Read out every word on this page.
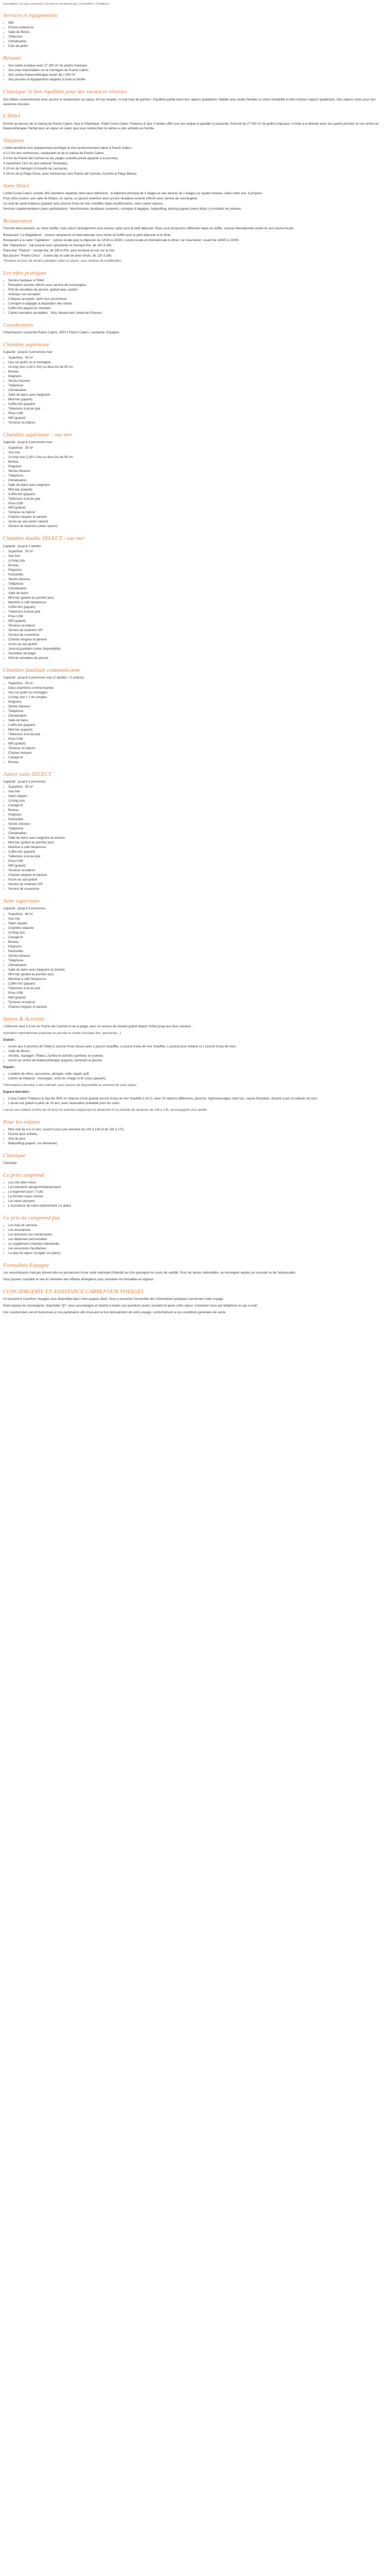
Description | Ce prix comprend | Ce prix ne comprend pas | Formalités | Conditions
Services et équipements
• Wifi
• Piscine extérieure
• Salle de fitness
• Télévision
• Climatisation
• Coin de jardin
Résumé
• Son cadre exotique avec 27 000 m² de jardins tropicaux
• Ses vues imprenables sur la montagne de Puerto Calero
• Son centre thalassothérapie ouvert de 2 500 m²
• Ses piscines et équipements adaptés à toute la famille
Classique, le bon équilibre pour des vacances réussies

Des hôtels conventionnels avec piscine et restauration sur place. Ni trop simples, ni trop haut de gamme ! Equilibre parfait entre leur rapport qualité/prix, fiabilité avec toutes familles ou entre rentabilité et bien d'autres rapport qualité/prix. Des valeurs sûres pour des vacances réussies.

L'Hôtel

Perché au-dessus de la marina de Puerto Calero, face à l'Atlantique, l'hôtel Costa Calero Thalasso & Spa, 4 étoiles offre une vue unique et paisible à Lanzarote. Entouré de 27 000 m² de jardins tropicaux, il invite à la détente avec ses quatre piscines et son centre de thalassothérapie. Parfait pour un séjour en soleil, que vous recherchiez le calme ou des activités en famille.

Situation

L'hôtel bénéficie d'un emplacement privilégié et d'un environnement calme à Puerto Calero :

A 1.5 km des commerces, restaurants et de la marina de Puerto Calero,

A 5 km de Puerto del Carmen et ses plages (navette privée payante à la journée),

A seulement 3 km du port national Timanfaya,

A 15 km de l'aéroport d'Arrecife de Lanzarote,

A 18 km de la Playa Chica, avec commerces vers Puerto del Carmen, Arrecife et Playa Blanca.

Votre Hôtel

L'hôtel Costa Calero compte 395 chambres réparties dans deux bâtiments : le bâtiment principal de 3 étages et une annexe de 2 étages sur quatre niveaux, reliés entre eux. Il propose :

Pour votre confort, une salle de fitness, un sauna, un jacuzzi extérieur ainsi qu'une réception ouverte 24h/24 avec service de conciergerie.

Un club de santé thalasso (payant) avec piscine d'eau de mer chauffée, bains bouillonnants, soins (selon saison),

Services supplémentaires (avec participation) : blanchisserie, boutiques souvenirs, consigne à bagages, babysitting, parking payant (selon dispo.) et location de voitures.

Restauration

Formule demi-pension, au choix (buffet, mais selon l'arrangement vous pouvez opter pour le petit déjeuner. Nous vous proposons différents repas en buffet, cuisine internationale variée et une cuisine locale.

Restaurant "La Magdalena" : cuisine canarienne et internationale sous forme de buffet pour le petit déjeuner et le dîner

Restaurant à la carte "Capitanes" : cuisine locale pour le déjeuner de 12h30 à 15h00, cuisine locale et internationale le dîner, sur réservation, ouvert de 18h00 à 22h00.

Bar "Habaneros" : bar-piscine avec spectacles et musique live, de 10h à 00h,

Piano-bar "Palacio" : lounge-bar, de 18h à 00h, avec terrasse et vue sur la mer,

Bar-piscine "Puerto Chico" : snacks bar et salle de jeux/ loisirs, de 12h à 18h.

*Horaires et jours de service variables selon la saison, sous réserve de modification.

Les infos pratiques
• Service boutique à l'hôtel
• Réception ouverte 24h/24 avec service de conciergerie
• Prêt de serviettes de piscine, gratuit avec caution
• Animaux non acceptés
• Chèques acceptés, tarifs hors promotions
• Consigne à bagages à disposition des clients
• Coffre-fort payant en chambre
• Cartes bancaires acceptées : Visa, Mastercard, American Express
Coordonnées

Urbanización Lanzarote Puerto Calero, 35571 Puerto Calero, Lanzarote, Espagne.

Chambre supérieure

Capacité : jusqu'à 3 personnes max

• Superficie : 35 m²
• Vue sur jardin ou la montagne
• Lit king size (1,80 x 2m) ou deux lits de 90 cm
• Bureau
• Peignoirs
• Sèche-cheveux
• Téléphone
• Climatisation
• Salle de bains avec baignoire
• Mini-bar (payant)
• Coffre-fort (payant)
• Télévision à écran plat
• Prise USB
• Wifi (gratuit)
• Terrasse ou balcon
Chambre supérieure - vue mer

Capacité : jusqu'à 3 personnes max

• Superficie : 35 m²
• Vue mer
• Lit king size (1,80 x 2m) ou deux lits de 90 cm
• Bureau
• Peignoirs
• Sèche-cheveux
• Téléphone
• Climatisation
• Salle de bains avec baignoire
• Mini-bar (payant)
• Coffre-fort (payant)
• Télévision à écran plat
• Prise USB
• Wifi (gratuit)
• Terrasse ou balcon
• Chaises longues et parasol
• Accès au spa (selon saison)
• Service de chambre (selon saison)
Chambre double SELECT - vue mer

Capacité : jusqu'à 2 adultes

• Superficie : 35 m²
• Vue mer
• Lit king size
• Bureau
• Peignoirs
• Pantoufles
• Sèche-cheveux
• Téléphone
• Climatisation
• Salle de bains
• Mini-bar (gratuit au premier jour)
• Machine à café Nespresso
• Coffre-fort (payant)
• Télévision à écran plat
• Prise USB
• Wifi (gratuit)
• Terrasse ou balcon
• Service de chambre VIP
• Service de couverture
• Chaises longues et parasol
• Accès au spa gratuit
• Journal quotidien (selon disponibilité)
• Serviettes de plage
• Prêt de serviettes de piscine
Chambre familiale communicante

Capacité : jusqu'à 5 personnes max (2 adultes + 3 enfants)

• Superficie : 50 m²
• Deux chambres communicantes
• Vue sur jardin ou montagne
• Lit king size + 2 lits simples
• Peignoirs
• Sèche-cheveux
• Téléphone
• Climatisation
• Salle de bains
• Coffre-fort (payant)
• Mini-bar (payant)
• Télévision à écran plat
• Prise USB
• Wifi (gratuit)
• Terrasse ou balcon
• Chaises longues
• Canapé-lit
• Bureau
Junior suite SELECT

Capacité : jusqu'à 3 personnes

• Superficie : 55 m²
• Vue mer
• Salon séparé
• Lit king size
• Canapé-lit
• Bureau
• Peignoirs
• Pantoufles
• Sèche-cheveux
• Téléphone
• Climatisation
• Salle de bains avec baignoire et douche
• Mini-bar (gratuit au premier jour)
• Machine à café Nespresso
• Coffre-fort (payant)
• Télévision à écran plat
• Prise USB
• Wifi (gratuit)
• Terrasse ou balcon
• Chaises longues et parasol
• Accès au spa gratuit
• Service de chambre VIP
• Service de couverture
Suite supérieure

Capacité : jusqu'à 4 personnes

• Superficie : 60 m²
• Vue mer
• Salon séparé
• Chambre séparée
• Lit king size
• Canapé-lit
• Bureau
• Peignoirs
• Pantoufles
• Sèche-cheveux
• Téléphone
• Climatisation
• Salle de bains avec baignoire et douche
• Mini-bar (gratuit au premier jour)
• Machine à café Nespresso
• Coffre-fort (payant)
• Télévision à écran plat
• Prise USB
• Wifi (gratuit)
• Terrasse ou balcon
• Chaises longues et parasol
Sports & Activités

L'hôtel est situé à 5 km de Puerto del Carmen et de la plage, avec un service de navette gratuit depuis l'hôtel jusqu'aux lieux suivants :

Animation internationale proposée en journée et soirée (musique live, spectacles...)

Gratuit :

• Accès aux 4 piscines de l'hôtel (1 piscine d'eau douce avec 1 jacuzzi chauffée, 1 piscine d'eau de mer chauffée, 1 piscine pour enfants et 1 piscine d'eau de mer),
• Salle de fitness
• Aérobic, Aquagym, Pilates, Zumba et activités sportives en journée,
• Accès au centre de thalassothérapie (payant), hammam et piscine.

Payant :

• Location de vélos, excursions, plongée, voile, kayak, golf,
• Centre de thalasso : massages, soins du visage et du corps (payant).

*Informations données à titre indicatif, sous réserve de disponibilité au moment de votre séjour.

Espace bien-être :

• Costa Calero Thalasso & Spa de 2500 m² dispose d'une grande piscine d'eau de mer chauffée à 32°C, avec 30 stations différentes, jacuzzis, hydromassages, bain turc, sauna finlandais, douche à jets et cabines de soin,
• L'accès est gratuit à partir de 16 ans, avec réservation préalable pour les soins.

L'accès aux enfants (moins de 16 ans) est autorisé uniquement le dimanche et en période de vacances de 10h à 13h, accompagnés d'un adulte.

Pour les enfants
• Mini club de 4 à 12 ans, ouvert 6 jours par semaine de 10h à 13h et de 15h à 17h,
• Piscine pour enfants,
• Aire de jeux,
• Babysitting (payant, sur demande).
Classique

Classique

Ce prix comprend
• Les vols aller-retour
• Les transferts aéroport/hôtel/aéroport
• Le logement pour 7 nuits
• La formule repas choisie
• Les taxes aéroport
• L'assistance de notre représentant sur place
Ce prix ne comprend pas
• Les frais de services
• Les assurances
• Les boissons non mentionnées
• Les dépenses personnelles
• Le supplément chambre individuelle
• Les excursions facultatives
• La taxe de séjour (à régler sur place)
Formalités Espagne

Les ressortissants français doivent être en possession d'une carte nationale d'identité ou d'un passeport en cours de validité. Pour les autres nationalités, se renseigner auprès du consulat ou de l'ambassade.

Vous pouvez consulter le site du ministère des Affaires étrangères pour connaître les formalités en vigueur.

CONCIERGERIE ET ASSISTANCE CARREFOUR VOYAGES

Un document Carrefour Voyages sera disponible dans votre espace client. Vous y trouverez l'ensemble des informations pratiques concernant votre voyage.

Notre équipe de conciergerie, disponible 7j/7, vous accompagne et répond à toutes vos questions avant, pendant et après votre séjour. Contactez-nous par téléphone ou par e-mail.

Vos coordonnées seront transmises à nos partenaires afin d'assurer le bon déroulement de votre voyage, conformément à nos conditions générales de vente.
